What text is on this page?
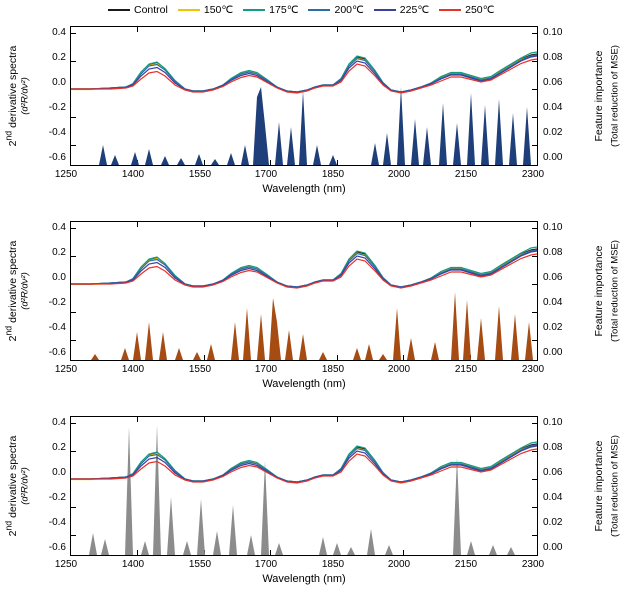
Control	150℃	175℃	200℃	225℃	250℃
2nd derivative spectra (d²R/dν²)
0.4
0.2
0.0
-0.2
-0.4
-0.6
0.10
0.08
0.06
0.04
0.02
0.00
Feature importance (Total reduction of MSE)
1250	1400	1550	1700	1850	2000	2150	2300
Wavelength (nm)
2nd derivative spectra (d²R/dν²)
0.4
0.2
0.0
-0.2
-0.4
-0.6
0.10
0.08
0.06
0.04
0.02
0.00
Feature importance (Total reduction of MSE)
1250	1400	1550	1700	1850	2000	2150	2300
Wavelength (nm)
2nd derivative spectra (d²R/dν²)
0.4
0.2
0.0
-0.2
-0.4
-0.6
0.10
0.08
0.06
0.04
0.02
0.00
Feature importance (Total reduction of MSE)
1250	1400	1550	1700	1850	2000	2150	2300
Wavelength (nm)
